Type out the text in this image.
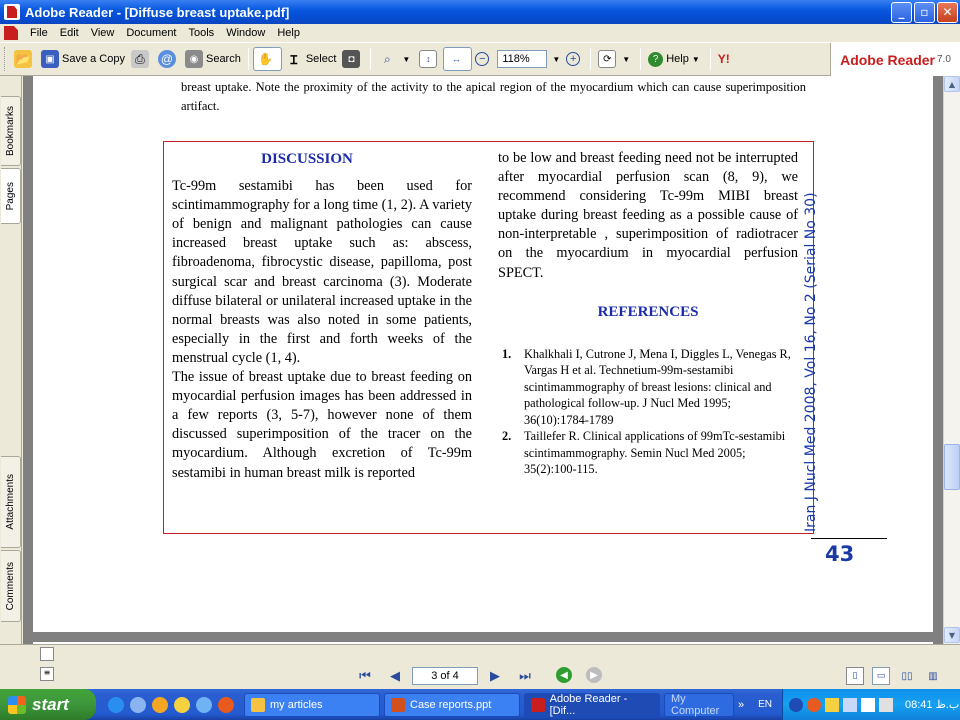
Adobe Reader - [Diffuse breast uptake.pdf]	_	▫	✕
File	Edit	View	Document	Tools	Window	Help
📂	▣ Save a Copy ⎙	@	◉ Search ✋	Ɪ Select	◘	⌕	▼	↕	↔	−	118%	▼ +	⟳	▼	? Help ▼ Y!	Adobe Reader 7.0
Bookmarks
Pages
Attachments
Comments
breast uptake. Note the proximity of the activity to the apical region of the myocardium which can cause superimposition artifact.
DISCUSSION

Tc-99m sestamibi has been used for scintimammography for a long time (1, 2). A variety of benign and malignant pathologies can cause increased breast uptake such as: abscess, fibroadenoma, fibrocystic disease, papilloma, post surgical scar and breast carcinoma (3). Moderate diffuse bilateral or unilateral increased uptake in the normal breasts was also noted in some patients, especially in the first and forth weeks of the menstrual cycle (1, 4).

The issue of breast uptake due to breast feeding on myocardial perfusion images has been addressed in a few reports (3, 5-7), however none of them discussed superimposition of the tracer on the myocardium. Although excretion of Tc-99m sestamibi in human breast milk is reported

to be low and breast feeding need not be interrupted after myocardial perfusion scan (8, 9), we recommend considering Tc-99m MIBI breast uptake during breast feeding as a possible cause of non-interpretable , superimposition of radiotracer on the myocardium in myocardial perfusion SPECT.

REFERENCES
1.	Khalkhali I, Cutrone J, Mena I, Diggles L, Venegas R, Vargas H et al. Technetium-99m-sestamibi scintimammography of breast lesions: clinical and pathological follow-up. J Nucl Med 1995; 36(10):1784-1789
2.	Taillefer R. Clinical applications of 99mTc-sestamibi scintimammography. Semin Nucl Med 2005; 35(2):100-115.	Iran J Nucl Med 2008, Vol 16, No 2 (Serial No 30)
43
▲
▼
≡	⏮	◀	3 of 4	▶	⏭	◀	▶	▯	▭	▯▯	▥
start	my articles	Case reports.ppt	Adobe Reader - [Dif...
My Computer	» EN	08:41 ب.ظ
